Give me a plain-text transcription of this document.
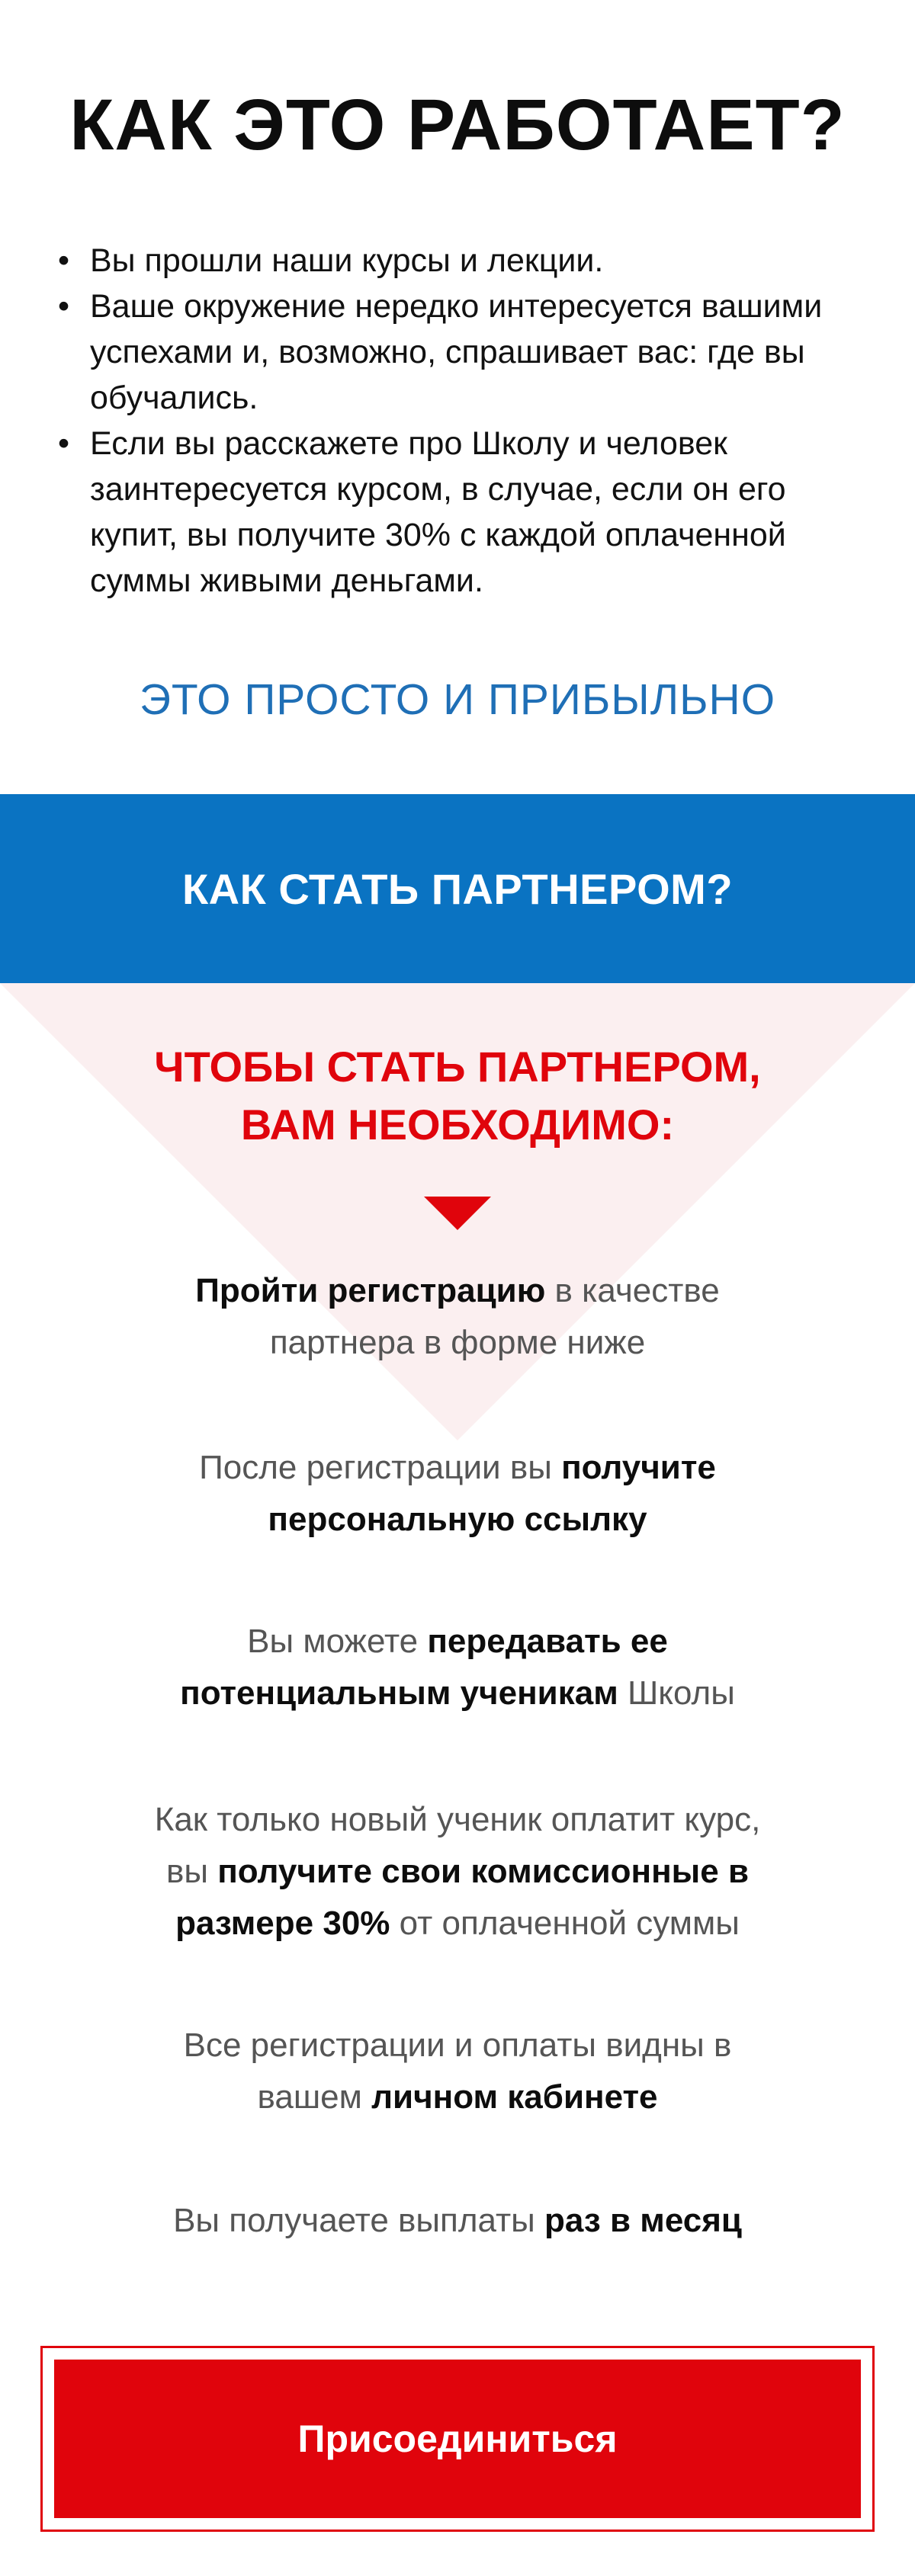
КАК ЭТО РАБОТАЕТ?
• Вы прошли наши курсы и лекции.
• Ваше окружение нередко интересуется вашими успехами и, возможно, спрашивает вас: где вы обучались.
• Если вы расскажете про Школу и человек заинтересуется курсом, в случае, если он его купит, вы получите 30% с каждой оплаченной суммы живыми деньгами.
ЭТО ПРОСТО И ПРИБЫЛЬНО
КАК СТАТЬ ПАРТНЕРОМ?
ЧТОБЫ СТАТЬ ПАРТНЕРОМ,
ВАМ НЕОБХОДИМО:
Пройти регистрацию в качестве
партнера в форме ниже
После регистрации вы получите
персональную ссылку
Вы можете передавать ее
потенциальным ученикам Школы
Как только новый ученик оплатит курс,
вы получите свои комиссионные в
размере 30% от оплаченной суммы
Все регистрации и оплаты видны в
вашем личном кабинете
Вы получаете выплаты раз в месяц
Присоединиться
